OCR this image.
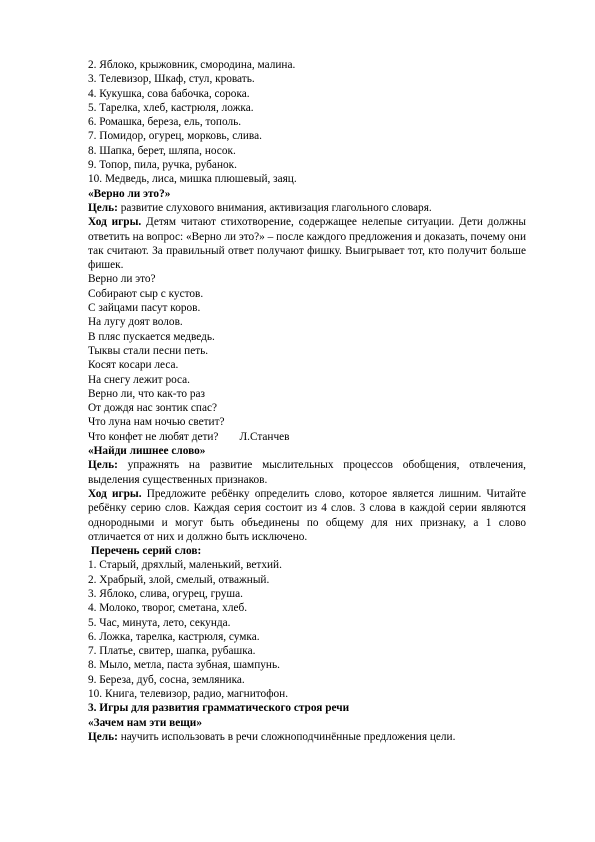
2. Яблоко, крыжовник, смородина, малина.
3. Телевизор, Шкаф, стул, кровать.
4. Кукушка, сова бабочка, сорока.
5. Тарелка, хлеб, кастрюля, ложка.
6. Ромашка, береза, ель, тополь.
7. Помидор, огурец, морковь, слива.
8. Шапка, берет, шляпа, носок.
9. Топор, пила, ручка, рубанок.
10. Медведь, лиса, мишка плюшевый, заяц.
«Верно ли это?»
Цель: развитие слухового внимания, активизация глагольного словаря.
Ход игры. Детям читают стихотворение, содержащее нелепые ситуации. Дети должны ответить на вопрос: «Верно ли это?» – после каждого предложения и доказать, почему они так считают. За правильный ответ получают фишку. Выигрывает тот, кто получит больше фишек.
Верно ли это?
Собирают сыр с кустов.
С зайцами пасут коров.
На лугу доят волов.
В пляс пускается медведь.
Тыквы стали песни петь.
Косят косари леса.
На снегу лежит роса.
Верно ли, что как-то раз
От дождя нас зонтик спас?
Что луна нам ночью светит?
Что конфет не любят дети? Л.Станчев
«Найди лишнее слово»
Цель: упражнять на развитие мыслительных процессов обобщения, отвлечения, выделения существенных признаков.
Ход игры. Предложите ребёнку определить слово, которое является лишним. Читайте ребёнку серию слов. Каждая серия состоит из 4 слов. 3 слова в каждой серии являются однородными и могут быть объединены по общему для них признаку, а 1 слово отличается от них и должно быть исключено.
Перечень серий слов:
1. Старый, дряхлый, маленький, ветхий.
2. Храбрый, злой, смелый, отважный.
3. Яблоко, слива, огурец, груша.
4. Молоко, творог, сметана, хлеб.
5. Час, минута, лето, секунда.
6. Ложка, тарелка, кастрюля, сумка.
7. Платье, свитер, шапка, рубашка.
8. Мыло, метла, паста зубная, шампунь.
9. Береза, дуб, сосна, земляника.
10. Книга, телевизор, радио, магнитофон.
3. Игры для развития грамматического строя речи
«Зачем нам эти вещи»
Цель: научить использовать в речи сложноподчинённые предложения цели.
